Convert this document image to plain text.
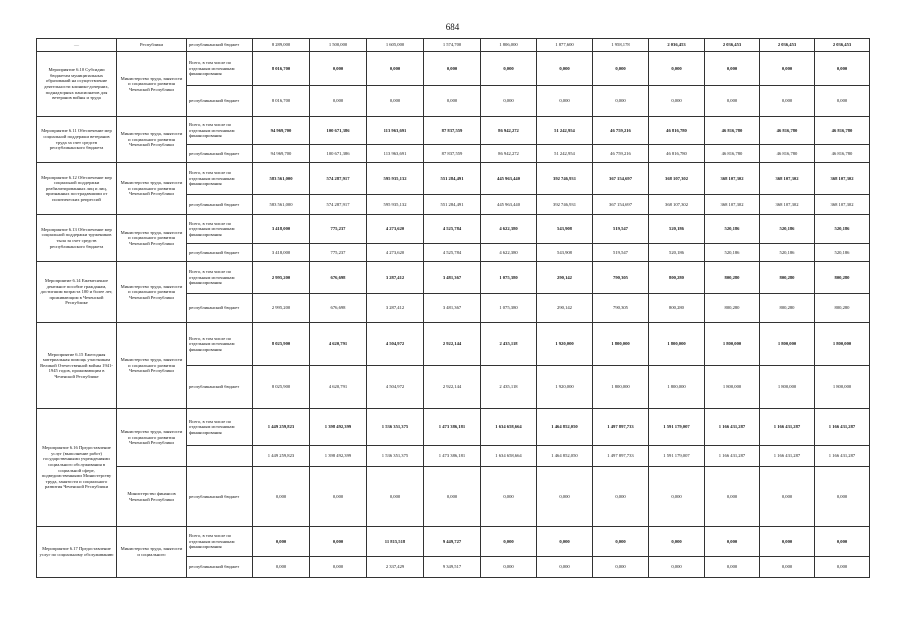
684
.....	Республики	республиканский бюджет	8 289,000	1 500,000	1 605,000	1 574,700	1 806,000	1 877,600	1 958,178	2 036,453	2 036,453	2 036,453	2 036,453
Мероприятие 6.10 Субсидии бюджетам муниципальных образований на осуществление деятельности клинико-дочерних, поднадзорных пансионатов для ветеранов войны и труда	Министерство труда, занятости и социального развития Чеченской Республики	Всего, в том числе по отдельным источникам финансирования	8 016,700	0,000	0,000	0,000	0,000	0,000	0,000	0,000	0,000	0,000	0,000
		республиканский бюджет	8 016,700	0,000	0,000	0,000	0,000	0,000	0,000	0,000	0,000	0,000	0,000
Мероприятие 6.11 Обеспечение мер социальной поддержки ветеранов труда за счет средств республиканского бюджета	Министерство труда, занятости и социального развития Чеченской Республики	Всего, в том числе по отдельным источникам финансирования	94 969,700	100 671,386	113 963,691	87 837,559	86 942,272	51 242,954	46 759,216	46 816,780	46 816,780	46 816,780	46 816,780
		республиканский бюджет	94 969,700	100 671,386	113 963,691	87 837,559	86 942,272	51 242,954	46 759,216	46 816,780	46 816,780	46 816,780	46 816,780
Мероприятие 6.12 Обеспечение мер социальной поддержки реабилитированных лиц и лиц, признанных пострадавшими от политических репрессий	Министерство труда, занятости и социального развития Чеченской Республики	Всего, в том числе по отдельным источникам финансирования	583 561,000	574 287,917	595 935,132	551 284,491	445 963,440	392 746,931	367 154,697	368 107,302	368 107,302	368 107,302	368 107,302
		республиканский бюджет	583 561,000	574 287,917	595 935,132	551 284,491	445 963,440	392 746,931	367 154,697	368 107,302	368 107,302	368 107,302	368 107,302
Мероприятие 6.13 Обеспечение мер социальной поддержки тружеников тыла за счет средств республиканского бюджета	Министерство труда, занятости и социального развития Чеченской Республики	Всего, в том числе по отдельным источникам финансирования	3 418,000	775,237	4 273,620	4 525,784	4 622,380	543,908	519,547	520,186	520,186	520,186	520,186
		республиканский бюджет	3 418,000	775,237	4 273,620	4 525,784	4 622,380	543,908	519,547	520,186	520,186	520,186	520,186
Мероприятие 6.14 Ежемесячное денежное пособие гражданам, достигшим возраста 100 и более лет, проживающим в Чеченской Республике	Министерство труда, занятости и социального развития Чеченской Республики	Всего, в том числе по отдельным источникам финансирования	2 995,200	676,698	3 287,412	3 481,367	1 075,380	290,142	790,305	800,280	800,280	800,280	800,280
		республиканский бюджет	2 995,200	676,698	3 287,412	3 481,367	1 075,380	290,142	790,305	800,280	800,280	800,280	800,280
Мероприятие 6.15 Ежегодная материальная помощь участникам Великой Отечественной войны 1941-1945 годов, проживающим в Чеченской Республике	Министерство труда, занятости и социального развития Чеченской Республики	Всего, в том числе по отдельным источникам финансирования	8 025,900	4 620,791	4 504,972	2 922,144	2 435,118	1 920,000	1 800,000	1 800,000	1 800,000	1 800,000	1 800,000
		республиканский бюджет	8 025,900	4 620,791	4 504,972	2 922,144	2 435,118	1 920,000	1 800,000	1 800,000	1 800,000	1 800,000	1 800,000
Мероприятие 6.16 Предоставление услуг (выполнение работ) государственными учреждениями социального обслуживания в социальной сфере, подведомственными Министерству труда, занятости и социального развития Чеченской Республики	Министерство труда, занятости и социального развития Чеченской Республики	Всего, в том числе по отдельным источникам финансирования	1 449 259,823	1 398 492,399	1 536 351,375	1 473 386,181	1 634 658,664	1 464 852,050	1 497 897,733	1 591 179,007	1 166 431,287	1 166 431,287	1 166 431,287
			1 449 259,823	1 398 492,399	1 536 351,375	1 473 386,181	1 634 658,664	1 464 852,050	1 497 897,733	1 591 179,007	1 166 431,287	1 166 431,287	1 166 431,287
	Министерство финансов Чеченской Республики	республиканский бюджет	0,000	0,000	0,000	0,000	0,000	0,000	0,000	0,000	0,000	0,000	0,000
Мероприятие 6.17 Предоставление услуг по социальному обслуживанию	Министерство труда, занятости и социального	Всего, в том числе по отдельным источникам финансирования	0,000	0,000	11 815,518	9 449,727	0,000	0,000	0,000	0,000	0,000	0,000	0,000
		республиканский бюджет	0,000	0,000	2 337,429	9 349,517	0,000	0,000	0,000	0,000	0,000	0,000	0,000
